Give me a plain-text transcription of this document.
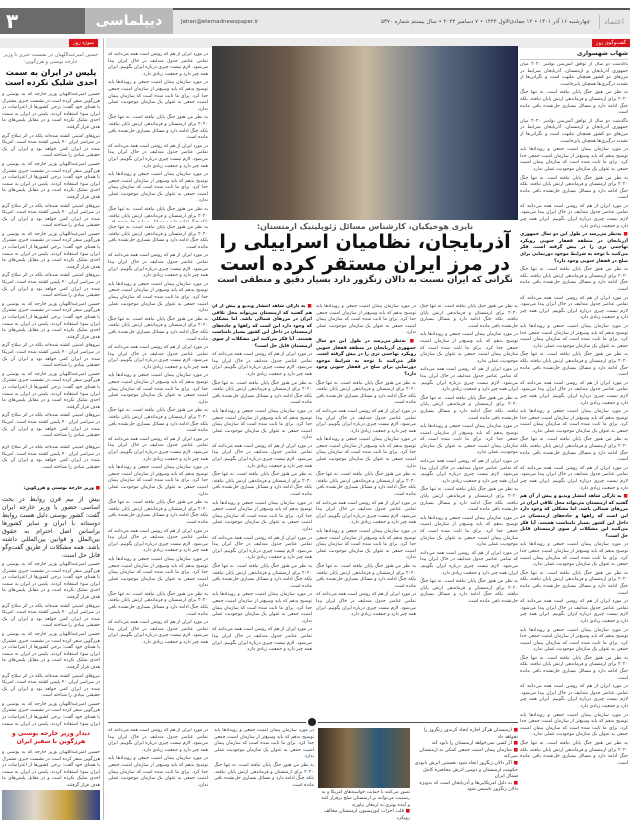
۳	دیپلماسی	Jahan@etemadnewspaper.ir	چهارشنبه ۱۶ آذر ۱۴۰۱ • ۱۲ جمادی‌الاول ۱۴۴۴ • ۷ دسامبر ۲۰۲۲ • سال بیستم شماره ۵۳۷۰	اعتماد
سوژه روز	گفت‌وگوی روز
حسین امیرعبداللهیان در نشست خبری با وزیر خارجه بوسنی و هرزگوین:
پلیس در ایران به سمت احدی شلیک نکرده است

حسین امیرعبداللهیان وزیر خارجه که به بوسنی و هرزگوین سفر کرده است در نشست خبری مشترک با همتای خود گفت: برخی کشورها از اعتراضات در ایران سوء استفاده کردند. پلیس در ایران به سمت احدی شلیک نکرده است و در مقابل پلیس‌های ما هدف قرار گرفتند.

نیروهای امنیتی کشته شده‌اند بلکه در اثر سلاح گرم در سراسر ایران ۴۰ پلیس کشته شده است. امریکا شده در ایران کمی خواهد بود و ایران آن یک حقیقتی بنیادی را شناخته است.

حسین امیرعبداللهیان وزیر خارجه که به بوسنی و هرزگوین سفر کرده است در نشست خبری مشترک با همتای خود گفت: برخی کشورها از اعتراضات در ایران سوء استفاده کردند. پلیس در ایران به سمت احدی شلیک نکرده است و در مقابل پلیس‌های ما هدف قرار گرفتند.

نیروهای امنیتی کشته شده‌اند بلکه در اثر سلاح گرم در سراسر ایران ۴۰ پلیس کشته شده است. امریکا شده در ایران کمی خواهد بود و ایران آن یک حقیقتی بنیادی را شناخته است.

حسین امیرعبداللهیان وزیر خارجه که به بوسنی و هرزگوین سفر کرده است در نشست خبری مشترک با همتای خود گفت: برخی کشورها از اعتراضات در ایران سوء استفاده کردند. پلیس در ایران به سمت احدی شلیک نکرده است و در مقابل پلیس‌های ما هدف قرار گرفتند.

نیروهای امنیتی کشته شده‌اند بلکه در اثر سلاح گرم در سراسر ایران ۴۰ پلیس کشته شده است. امریکا شده در ایران کمی خواهد بود و ایران آن یک حقیقتی بنیادی را شناخته است.

حسین امیرعبداللهیان وزیر خارجه که به بوسنی و هرزگوین سفر کرده است در نشست خبری مشترک با همتای خود گفت: برخی کشورها از اعتراضات در ایران سوء استفاده کردند. پلیس در ایران به سمت احدی شلیک نکرده است و در مقابل پلیس‌های ما هدف قرار گرفتند.

نیروهای امنیتی کشته شده‌اند بلکه در اثر سلاح گرم در سراسر ایران ۴۰ پلیس کشته شده است. امریکا شده در ایران کمی خواهد بود و ایران آن یک حقیقتی بنیادی را شناخته است.

حسین امیرعبداللهیان وزیر خارجه که به بوسنی و هرزگوین سفر کرده است در نشست خبری مشترک با همتای خود گفت: برخی کشورها از اعتراضات در ایران سوء استفاده کردند. پلیس در ایران به سمت احدی شلیک نکرده است و در مقابل پلیس‌های ما هدف قرار گرفتند.

نیروهای امنیتی کشته شده‌اند بلکه در اثر سلاح گرم در سراسر ایران ۴۰ پلیس کشته شده است. امریکا شده در ایران کمی خواهد بود و ایران آن یک حقیقتی بنیادی را شناخته است.

نیروهای امنیتی کشته شده‌اند بلکه در اثر سلاح گرم در سراسر ایران ۴۰ پلیس کشته شده است. امریکا شده در ایران کمی خواهد بود و ایران آن یک حقیقتی بنیادی را شناخته است.

■ وزیر خارجه بوسنی و هرزگوین:

بیش از نیم قرن روابط در بحث اساسی حضور با وزیر خارجه ایران گفت: کشور بوسنی دلیل هست روابط دوستانه با ایران و سایر کشورها براساس اصل احترام به حقوق بین‌الملل و قوانین بین‌المللی داشته باشد. همه مشکلات از طریق گفت‌وگو قابل حل است.

حسین امیرعبداللهیان وزیر خارجه که به بوسنی و هرزگوین سفر کرده است در نشست خبری مشترک با همتای خود گفت: برخی کشورها از اعتراضات در ایران سوء استفاده کردند. پلیس در ایران به سمت احدی شلیک نکرده است و در مقابل پلیس‌های ما هدف قرار گرفتند.

نیروهای امنیتی کشته شده‌اند بلکه در اثر سلاح گرم در سراسر ایران ۴۰ پلیس کشته شده است. امریکا شده در ایران کمی خواهد بود و ایران آن یک حقیقتی بنیادی را شناخته است.

حسین امیرعبداللهیان وزیر خارجه که به بوسنی و هرزگوین سفر کرده است در نشست خبری مشترک با همتای خود گفت: برخی کشورها از اعتراضات در ایران سوء استفاده کردند. پلیس در ایران به سمت احدی شلیک نکرده است و در مقابل پلیس‌های ما هدف قرار گرفتند.

نیروهای امنیتی کشته شده‌اند بلکه در اثر سلاح گرم در سراسر ایران ۴۰ پلیس کشته شده است. امریکا شده در ایران کمی خواهد بود و ایران آن یک حقیقتی بنیادی را شناخته است.

حسین امیرعبداللهیان وزیر خارجه که به بوسنی و هرزگوین سفر کرده است در نشست خبری مشترک با همتای خود گفت: برخی کشورها از اعتراضات در ایران سوء استفاده کردند. پلیس در ایران به سمت

دیدار وزیر خارجه بوسنی و هرزگوین با سفیر ایران

حسین امیرعبداللهیان وزیر خارجه که به بوسنی و هرزگوین سفر کرده است در نشست خبری مشترک با همتای خود گفت: برخی کشورها از اعتراضات در ایران سوء استفاده کردند. پلیس در ایران به سمت احدی شلیک نکرده است و در مقابل پلیس‌های ما هدف قرار گرفتند.

شهاب شهسواری

باگذشت دو سال از توافق آتش‌بس نوامبر ۲۰۲۰ میان جمهوری آذربایجان و ارمنستان، آذربایجان شرایط در مرزهای دو کشور همچنان ملتهب است و نگرانی‌ها از تشدید درگیری‌ها همچنان پابرجاست.

به نظر من هنوز جنگ پایان نیافته است. نه تنها جنگ ۲۰۲۰ برای ارمنستان و فرماندهی ارتش پایان نیافته، بلکه جنگ ادامه دارد و مسائل بسیاری حل‌نشده باقی مانده است.

باگذشت دو سال از توافق آتش‌بس نوامبر ۲۰۲۰ میان جمهوری آذربایجان و ارمنستان، آذربایجان شرایط در مرزهای دو کشور همچنان ملتهب است و نگرانی‌ها از تشدید درگیری‌ها همچنان پابرجاست.

در مورد سازمان پیمان امنیت جمعی و رویدادها باید توضیح بدهم که باید وسیع‌تر از سازمان امنیت جمعی جدا کرد. برای ما ثابت شده است که سازمان پیمان امنیت جمعی به عنوان یک سازمان موجودیت عملی ندارد.

به نظر من هنوز جنگ پایان نیافته است. نه تنها جنگ ۲۰۲۰ برای ارمنستان و فرماندهی ارتش پایان نیافته، بلکه جنگ ادامه دارد و مسائل بسیاری حل‌نشده باقی مانده است.

در مورد ایران از هم که روشن است همه می‌دانند که تمامی عناصر جدول مندلیف در خاک ایران پیدا می‌شود. لازم نیست چیزی درباره ایران بگوییم. ایران همه چیز دارد و جمعیت زیادی دارد.

■ به‌نظر می‌رسد در طول این دو سال جمهوری آذربایجان در منطقه قفقاز جنوبی رویکرد تهاجمی تری را در پیش گرفته است. فکر می‌کنید با توجه به شرایط موجود دورنمایی برای صلح در قفقاز جنوبی وجود دارد؟

به نظر من هنوز جنگ پایان نیافته است. نه تنها جنگ ۲۰۲۰ برای ارمنستان و فرماندهی ارتش پایان نیافته، بلکه جنگ ادامه دارد و مسائل بسیاری حل‌نشده باقی مانده است.

در مورد ایران از هم که روشن است همه می‌دانند که تمامی عناصر جدول مندلیف در خاک ایران پیدا می‌شود. لازم نیست چیزی درباره ایران بگوییم. ایران همه چیز دارد و جمعیت زیادی دارد.

در مورد سازمان پیمان امنیت جمعی و رویدادها باید توضیح بدهم که باید وسیع‌تر از سازمان امنیت جمعی جدا کرد. برای ما ثابت شده است که سازمان پیمان امنیت جمعی به عنوان یک سازمان موجودیت عملی ندارد.

به نظر من هنوز جنگ پایان نیافته است. نه تنها جنگ ۲۰۲۰ برای ارمنستان و فرماندهی ارتش پایان نیافته، بلکه جنگ ادامه دارد و مسائل بسیاری حل‌نشده باقی مانده است.

در مورد ایران از هم که روشن است همه می‌دانند که تمامی عناصر جدول مندلیف در خاک ایران پیدا می‌شود. لازم نیست چیزی درباره ایران بگوییم. ایران همه چیز دارد و جمعیت زیادی دارد.

در مورد سازمان پیمان امنیت جمعی و رویدادها باید توضیح بدهم که باید وسیع‌تر از سازمان امنیت جمعی جدا کرد. برای ما ثابت شده است که سازمان پیمان امنیت جمعی به عنوان یک سازمان موجودیت عملی ندارد.

به نظر من هنوز جنگ پایان نیافته است. نه تنها جنگ ۲۰۲۰ برای ارمنستان و فرماندهی ارتش پایان نیافته، بلکه جنگ ادامه دارد و مسائل بسیاری حل‌نشده باقی مانده است.

در مورد ایران از هم که روشن است همه می‌دانند که تمامی عناصر جدول مندلیف در خاک ایران پیدا می‌شود. لازم نیست چیزی درباره ایران بگوییم. ایران همه چیز دارد و جمعیت زیادی دارد.

■ به تازگی شاهد انتشار ویدیو و پیش از آن هم گفتید که ارمنستان می‌تواند محل تلاقی ایران در مرزهای شمالی باشد. اما مشکلی که وجود دارد این است که راهها و جاده‌های ارمنستان در داخل این کشور بسیار نامناسب هستند. آیا فکر می‌کنید این مشکلات از سوی ارمنستان قابل حل است؟

در مورد سازمان پیمان امنیت جمعی و رویدادها باید توضیح بدهم که باید وسیع‌تر از سازمان امنیت جمعی جدا کرد. برای ما ثابت شده است که سازمان پیمان امنیت جمعی به عنوان یک سازمان موجودیت عملی ندارد.

به نظر من هنوز جنگ پایان نیافته است. نه تنها جنگ ۲۰۲۰ برای ارمنستان و فرماندهی ارتش پایان نیافته، بلکه جنگ ادامه دارد و مسائل بسیاری حل‌نشده باقی مانده است.

در مورد ایران از هم که روشن است همه می‌دانند که تمامی عناصر جدول مندلیف در خاک ایران پیدا می‌شود. لازم نیست چیزی درباره ایران بگوییم. ایران همه چیز دارد و جمعیت زیادی دارد.

در مورد سازمان پیمان امنیت جمعی و رویدادها باید توضیح بدهم که باید وسیع‌تر از سازمان امنیت جمعی جدا کرد. برای ما ثابت شده است که سازمان پیمان امنیت جمعی به عنوان یک سازمان موجودیت عملی ندارد.

به نظر من هنوز جنگ پایان نیافته است. نه تنها جنگ ۲۰۲۰ برای ارمنستان و فرماندهی ارتش پایان نیافته، بلکه جنگ ادامه دارد و مسائل بسیاری حل‌نشده باقی مانده است.

در مورد ایران از هم که روشن است همه می‌دانند که تمامی عناصر جدول مندلیف در خاک ایران پیدا می‌شود. لازم نیست چیزی درباره ایران بگوییم. ایران همه چیز دارد و جمعیت زیادی دارد.

در مورد سازمان پیمان امنیت جمعی و رویدادها باید توضیح بدهم که باید وسیع‌تر از سازمان امنیت جمعی جدا کرد. برای ما ثابت شده است که سازمان پیمان امنیت جمعی به عنوان یک سازمان موجودیت عملی ندارد.

به نظر من هنوز جنگ پایان نیافته است. نه تنها جنگ ۲۰۲۰ برای ارمنستان و فرماندهی ارتش پایان نیافته، بلکه جنگ ادامه دارد و مسائل بسیاری حل‌نشده باقی مانده است.

در مورد ایران از هم که روشن است همه می‌دانند که تمامی عناصر جدول مندلیف در خاک ایران پیدا می‌شود. لازم نیست چیزی درباره ایران بگوییم. ایران همه چیز دارد و جمعیت زیادی دارد.

در مورد سازمان پیمان امنیت جمعی و رویدادها باید توضیح بدهم که باید وسیع‌تر از سازمان امنیت جمعی جدا کرد. برای ما ثابت شده است که سازمان پیمان امنیت جمعی به عنوان یک سازمان موجودیت عملی ندارد.

به نظر من هنوز جنگ پایان نیافته است. نه تنها جنگ ۲۰۲۰ برای ارمنستان و فرماندهی ارتش پایان نیافته، بلکه جنگ ادامه دارد و مسائل بسیاری حل‌نشده باقی مانده است.

در مورد ایران از هم که روشن است همه می‌دانند که تمامی عناصر جدول مندلیف در خاک ایران پیدا می‌شود. لازم نیست چیزی درباره ایران بگوییم. ایران همه چیز دارد و جمعیت زیادی دارد.

در مورد سازمان پیمان امنیت جمعی و رویدادها باید توضیح بدهم که باید وسیع‌تر از سازمان امنیت جمعی جدا کرد. برای ما ثابت شده است که سازمان پیمان امنیت جمعی به عنوان یک سازمان موجودیت عملی ندارد.

به نظر من هنوز جنگ پایان نیافته است. نه تنها جنگ ۲۰۲۰ برای ارمنستان و فرماندهی ارتش پایان نیافته،

نایری هوخیکیان، کارشناس مسائل ژئوپلیتیک ارمنستان:
آذربایجان، نظامیان اسراییلی را
در مرز ایران مستقر کرده است
نگرانی که ایران نسبت به دالان زنگزور دارد بسیار دقیق و منطقی است

به نظر من هنوز جنگ پایان نیافته است. نه تنها جنگ ۲۰۲۰ برای ارمنستان و فرماندهی ارتش پایان نیافته، بلکه جنگ ادامه دارد و مسائل بسیاری حل‌نشده باقی مانده است.

در مورد ایران از هم که روشن است همه می‌دانند که تمامی عناصر جدول مندلیف در خاک ایران پیدا می‌شود. لازم نیست چیزی درباره ایران بگوییم. ایران همه چیز دارد و جمعیت زیادی دارد.

در مورد سازمان پیمان امنیت جمعی و رویدادها باید توضیح بدهم که باید وسیع‌تر از سازمان امنیت جمعی جدا کرد. برای ما ثابت شده است که سازمان پیمان امنیت جمعی به عنوان یک سازمان موجودیت عملی ندارد.

به نظر من هنوز جنگ پایان نیافته است. نه تنها جنگ ۲۰۲۰ برای ارمنستان و فرماندهی ارتش پایان نیافته، بلکه جنگ ادامه دارد و مسائل بسیاری حل‌نشده باقی مانده است.

در مورد ایران از هم که روشن است همه می‌دانند که تمامی عناصر جدول مندلیف در خاک ایران پیدا می‌شود. لازم نیست چیزی درباره ایران بگوییم. ایران همه چیز دارد و جمعیت زیادی دارد.

در مورد سازمان پیمان امنیت جمعی و رویدادها باید توضیح بدهم که باید وسیع‌تر از سازمان امنیت جمعی جدا کرد. برای ما ثابت شده است که سازمان پیمان امنیت جمعی به عنوان یک سازمان موجودیت عملی ندارد.

به نظر من هنوز جنگ پایان نیافته است. نه تنها جنگ ۲۰۲۰ برای ارمنستان و فرماندهی ارتش پایان نیافته، بلکه جنگ ادامه دارد و مسائل بسیاری حل‌نشده باقی مانده است.

در مورد ایران از هم که روشن است همه می‌دانند که تمامی عناصر جدول مندلیف در خاک ایران پیدا می‌شود. لازم نیست چیزی درباره ایران بگوییم. ایران همه چیز دارد و جمعیت زیادی دارد.

در مورد سازمان پیمان امنیت جمعی و رویدادها باید توضیح بدهم که باید وسیع‌تر از سازمان امنیت جمعی جدا کرد. برای ما ثابت شده است که سازمان پیمان امنیت جمعی به عنوان یک سازمان موجودیت عملی ندارد.

به نظر من هنوز جنگ پایان نیافته است. نه تنها جنگ ۲۰۲۰ برای ارمنستان و فرماندهی ارتش پایان نیافته، بلکه جنگ ادامه دارد و مسائل بسیاری حل‌نشده باقی مانده است.

در مورد ایران از هم که روشن است همه می‌دانند که تمامی عناصر جدول مندلیف در خاک ایران پیدا می‌شود. لازم نیست چیزی درباره ایران بگوییم. ایران همه چیز دارد و جمعیت زیادی دارد.

در مورد سازمان پیمان امنیت جمعی و رویدادها باید توضیح بدهم که باید وسیع‌تر از سازمان امنیت جمعی جدا کرد. برای ما ثابت شده است که سازمان پیمان امنیت جمعی به عنوان یک سازمان موجودیت عملی ندارد.

به نظر من هنوز جنگ پایان نیافته است. نه تنها جنگ ۲۰۲۰ برای ارمنستان و فرماندهی ارتش پایان نیافته، بلکه جنگ ادامه دارد و مسائل بسیاری حل‌نشده باقی مانده است.

در مورد ایران از هم که روشن است همه می‌دانند که تمامی عناصر جدول مندلیف در خاک ایران پیدا می‌شود. لازم نیست چیزی درباره ایران بگوییم. ایران همه چیز دارد و جمعیت زیادی دارد.

■ به تازگی شاهد انتشار ویدیو و پیش از آن هم گفتید که ارمنستان می‌تواند محل تلاقی ایران در مرزهای شمالی باشد. اما مشکلی که وجود دارد این است که راهها و جاده‌های ارمنستان در داخل این کشور بسیار نامناسب هستند. آیا فکر می‌کنید این مشکلات از سوی ارمنستان قابل حل است؟

در مورد ایران از هم که روشن است همه می‌دانند که تمامی عناصر جدول مندلیف در خاک ایران پیدا می‌شود. لازم نیست چیزی درباره ایران بگوییم. ایران همه چیز دارد و جمعیت زیادی دارد.

به نظر من هنوز جنگ پایان نیافته است. نه تنها جنگ ۲۰۲۰ برای ارمنستان و فرماندهی ارتش پایان نیافته، بلکه جنگ ادامه دارد و مسائل بسیاری حل‌نشده باقی مانده است.

در مورد سازمان پیمان امنیت جمعی و رویدادها باید توضیح بدهم که باید وسیع‌تر از سازمان امنیت جمعی جدا کرد. برای ما ثابت شده است که سازمان پیمان امنیت جمعی به عنوان یک سازمان موجودیت عملی ندارد.

در مورد ایران از هم که روشن است همه می‌دانند که تمامی عناصر جدول مندلیف در خاک ایران پیدا می‌شود. لازم نیست چیزی درباره ایران بگوییم. ایران همه چیز دارد و جمعیت زیادی دارد.

به نظر من هنوز جنگ پایان نیافته است. نه تنها جنگ ۲۰۲۰ برای ارمنستان و فرماندهی ارتش پایان نیافته، بلکه جنگ ادامه دارد و مسائل بسیاری حل‌نشده باقی مانده است.

در مورد سازمان پیمان امنیت جمعی و رویدادها باید توضیح بدهم که باید وسیع‌تر از سازمان امنیت جمعی جدا کرد. برای ما ثابت شده است که سازمان پیمان امنیت جمعی به عنوان یک سازمان موجودیت عملی ندارد.

در مورد ایران از هم که روشن است همه می‌دانند که تمامی عناصر جدول مندلیف در خاک ایران پیدا می‌شود. لازم نیست چیزی درباره ایران بگوییم. ایران همه چیز دارد و جمعیت زیادی دارد.

به نظر من هنوز جنگ پایان نیافته است. نه تنها جنگ ۲۰۲۰ برای ارمنستان و فرماندهی ارتش پایان نیافته، بلکه جنگ ادامه دارد و مسائل بسیاری حل‌نشده باقی مانده است.

در مورد سازمان پیمان امنیت جمعی و رویدادها باید توضیح بدهم که باید وسیع‌تر از سازمان امنیت جمعی جدا کرد. برای ما ثابت شده است که سازمان پیمان امنیت جمعی به عنوان یک سازمان موجودیت عملی ندارد.

در مورد ایران از هم که روشن است همه می‌دانند که تمامی عناصر جدول مندلیف در خاک ایران پیدا می‌شود. لازم نیست چیزی درباره ایران بگوییم. ایران همه چیز دارد و جمعیت زیادی دارد.

در مورد سازمان پیمان امنیت جمعی و رویدادها باید توضیح بدهم که باید وسیع‌تر از سازمان امنیت جمعی جدا کرد. برای ما ثابت شده است که سازمان پیمان امنیت جمعی به عنوان یک سازمان موجودیت عملی ندارد.

■ به‌نظر می‌رسد در طول این دو سال جمهوری آذربایجان در منطقه قفقاز جنوبی رویکرد تهاجمی تری را در پیش گرفته است. فکر می‌کنید با توجه به شرایط موجود دورنمایی برای صلح در قفقاز جنوبی وجود دارد؟

به نظر من هنوز جنگ پایان نیافته است. نه تنها جنگ ۲۰۲۰ برای ارمنستان و فرماندهی ارتش پایان نیافته، بلکه جنگ ادامه دارد و مسائل بسیاری حل‌نشده باقی مانده است.

در مورد ایران از هم که روشن است همه می‌دانند که تمامی عناصر جدول مندلیف در خاک ایران پیدا می‌شود. لازم نیست چیزی درباره ایران بگوییم. ایران همه چیز دارد و جمعیت زیادی دارد.

در مورد سازمان پیمان امنیت جمعی و رویدادها باید توضیح بدهم که باید وسیع‌تر از سازمان امنیت جمعی جدا کرد. برای ما ثابت شده است که سازمان پیمان امنیت جمعی به عنوان یک سازمان موجودیت عملی ندارد.

به نظر من هنوز جنگ پایان نیافته است. نه تنها جنگ ۲۰۲۰ برای ارمنستان و فرماندهی ارتش پایان نیافته، بلکه جنگ ادامه دارد و مسائل بسیاری حل‌نشده باقی مانده است.

در مورد ایران از هم که روشن است همه می‌دانند که تمامی عناصر جدول مندلیف در خاک ایران پیدا می‌شود. لازم نیست چیزی درباره ایران بگوییم. ایران همه چیز دارد و جمعیت زیادی دارد.

در مورد سازمان پیمان امنیت جمعی و رویدادها باید توضیح بدهم که باید وسیع‌تر از سازمان امنیت جمعی جدا کرد. برای ما ثابت شده است که سازمان پیمان امنیت جمعی به عنوان یک سازمان موجودیت عملی ندارد.

به نظر من هنوز جنگ پایان نیافته است. نه تنها جنگ ۲۰۲۰ برای ارمنستان و فرماندهی ارتش پایان نیافته، بلکه جنگ ادامه دارد و مسائل بسیاری حل‌نشده باقی مانده است.

در مورد ایران از هم که روشن است همه می‌دانند که تمامی عناصر جدول مندلیف در خاک ایران پیدا می‌شود. لازم نیست چیزی درباره ایران بگوییم. ایران همه چیز دارد و جمعیت زیادی دارد.

به نظر من هنوز جنگ پایان نیافته است. نه تنها جنگ ۲۰۲۰ برای ارمنستان و فرماندهی ارتش پایان نیافته، بلکه جنگ ادامه دارد و مسائل بسیاری حل‌نشده باقی مانده است.

در مورد سازمان پیمان امنیت جمعی و رویدادها باید توضیح بدهم که باید وسیع‌تر از سازمان امنیت جمعی جدا کرد. برای ما ثابت شده است که سازمان پیمان امنیت جمعی به عنوان یک سازمان موجودیت عملی ندارد.

در مورد ایران از هم که روشن است همه می‌دانند که تمامی عناصر جدول مندلیف در خاک ایران پیدا می‌شود. لازم نیست چیزی درباره ایران بگوییم. ایران همه چیز دارد و جمعیت زیادی دارد.

به نظر من هنوز جنگ پایان نیافته است. نه تنها جنگ ۲۰۲۰ برای ارمنستان و فرماندهی ارتش پایان نیافته، بلکه جنگ ادامه دارد و مسائل بسیاری حل‌نشده باقی مانده است.

در مورد سازمان پیمان امنیت جمعی و رویدادها باید توضیح بدهم که باید وسیع‌تر از سازمان امنیت جمعی جدا کرد. برای ما ثابت شده است که سازمان پیمان امنیت جمعی به عنوان یک سازمان موجودیت عملی ندارد.

در مورد ایران از هم که روشن است همه می‌دانند که تمامی عناصر جدول مندلیف در خاک ایران پیدا می‌شود. لازم نیست چیزی درباره ایران بگوییم. ایران همه چیز دارد و جمعیت زیادی دارد.

به نظر من هنوز جنگ پایان نیافته است. نه تنها جنگ ۲۰۲۰ برای ارمنستان و فرماندهی ارتش پایان نیافته، بلکه جنگ ادامه دارد و مسائل بسیاری حل‌نشده باقی مانده است.

در مورد سازمان پیمان امنیت جمعی و رویدادها باید توضیح بدهم که باید وسیع‌تر از سازمان امنیت جمعی جدا کرد. برای ما ثابت شده است که سازمان پیمان امنیت جمعی به عنوان یک سازمان موجودیت عملی ندارد.

در مورد ایران از هم که روشن است همه می‌دانند که تمامی عناصر جدول مندلیف در خاک ایران پیدا می‌شود. لازم نیست چیزی درباره ایران بگوییم. ایران همه چیز دارد و جمعیت زیادی دارد.

به نظر من هنوز جنگ پایان نیافته است. نه تنها جنگ ۲۰۲۰ برای ارمنستان و فرماندهی ارتش پایان نیافته، بلکه جنگ ادامه دارد و مسائل بسیاری حل‌نشده باقی مانده است.

تصور می‌کنند با حمایت خواسته‌های امریکا و به رسمیت می‌توانند بر ارمنستان صلح برقرار کنند و آینده بهتری به ارمغان بیاورند
■ قلب احزاب اپوزیسیون ارمنستان مخالف رویکرد
■ ارمنستان هرگز اجازه ایجاد کریدور زنگزور را نخواهد داد
■ از کسی نمی‌خواهد ارمنستان را نابود کند
■ سازمان پیمان امنیت جمعی کمکی به ارمنستان نمی‌کند
■ اگر دالان زنگزور ایجاد شود نخستین اثرش نابودی حکومت ارمنستان و دومین اثرش محاصره کامل شمال ایران
■ به دلیل امریکایی‌ها و آذربایجان است که به‌ویژه دالان زنگزور تاسیس شود

در مورد سازمان پیمان امنیت جمعی و رویدادها باید توضیح بدهم که باید وسیع‌تر از سازمان امنیت جمعی جدا کرد. برای ما ثابت شده است که سازمان پیمان امنیت جمعی به عنوان یک سازمان موجودیت عملی ندارد.

به نظر من هنوز جنگ پایان نیافته است. نه تنها جنگ ۲۰۲۰ برای ارمنستان و فرماندهی ارتش پایان نیافته، بلکه جنگ ادامه دارد و مسائل بسیاری حل‌نشده باقی مانده است.

در مورد ایران از هم که روشن است همه می‌دانند که تمامی عناصر جدول مندلیف در خاک ایران پیدا می‌شود. لازم نیست چیزی درباره ایران بگوییم. ایران همه چیز دارد و جمعیت زیادی دارد.

در مورد سازمان پیمان امنیت جمعی و رویدادها باید توضیح بدهم که باید وسیع‌تر از سازمان امنیت جمعی جدا کرد. برای ما ثابت شده است که سازمان پیمان امنیت جمعی به عنوان یک سازمان موجودیت عملی ندارد.
